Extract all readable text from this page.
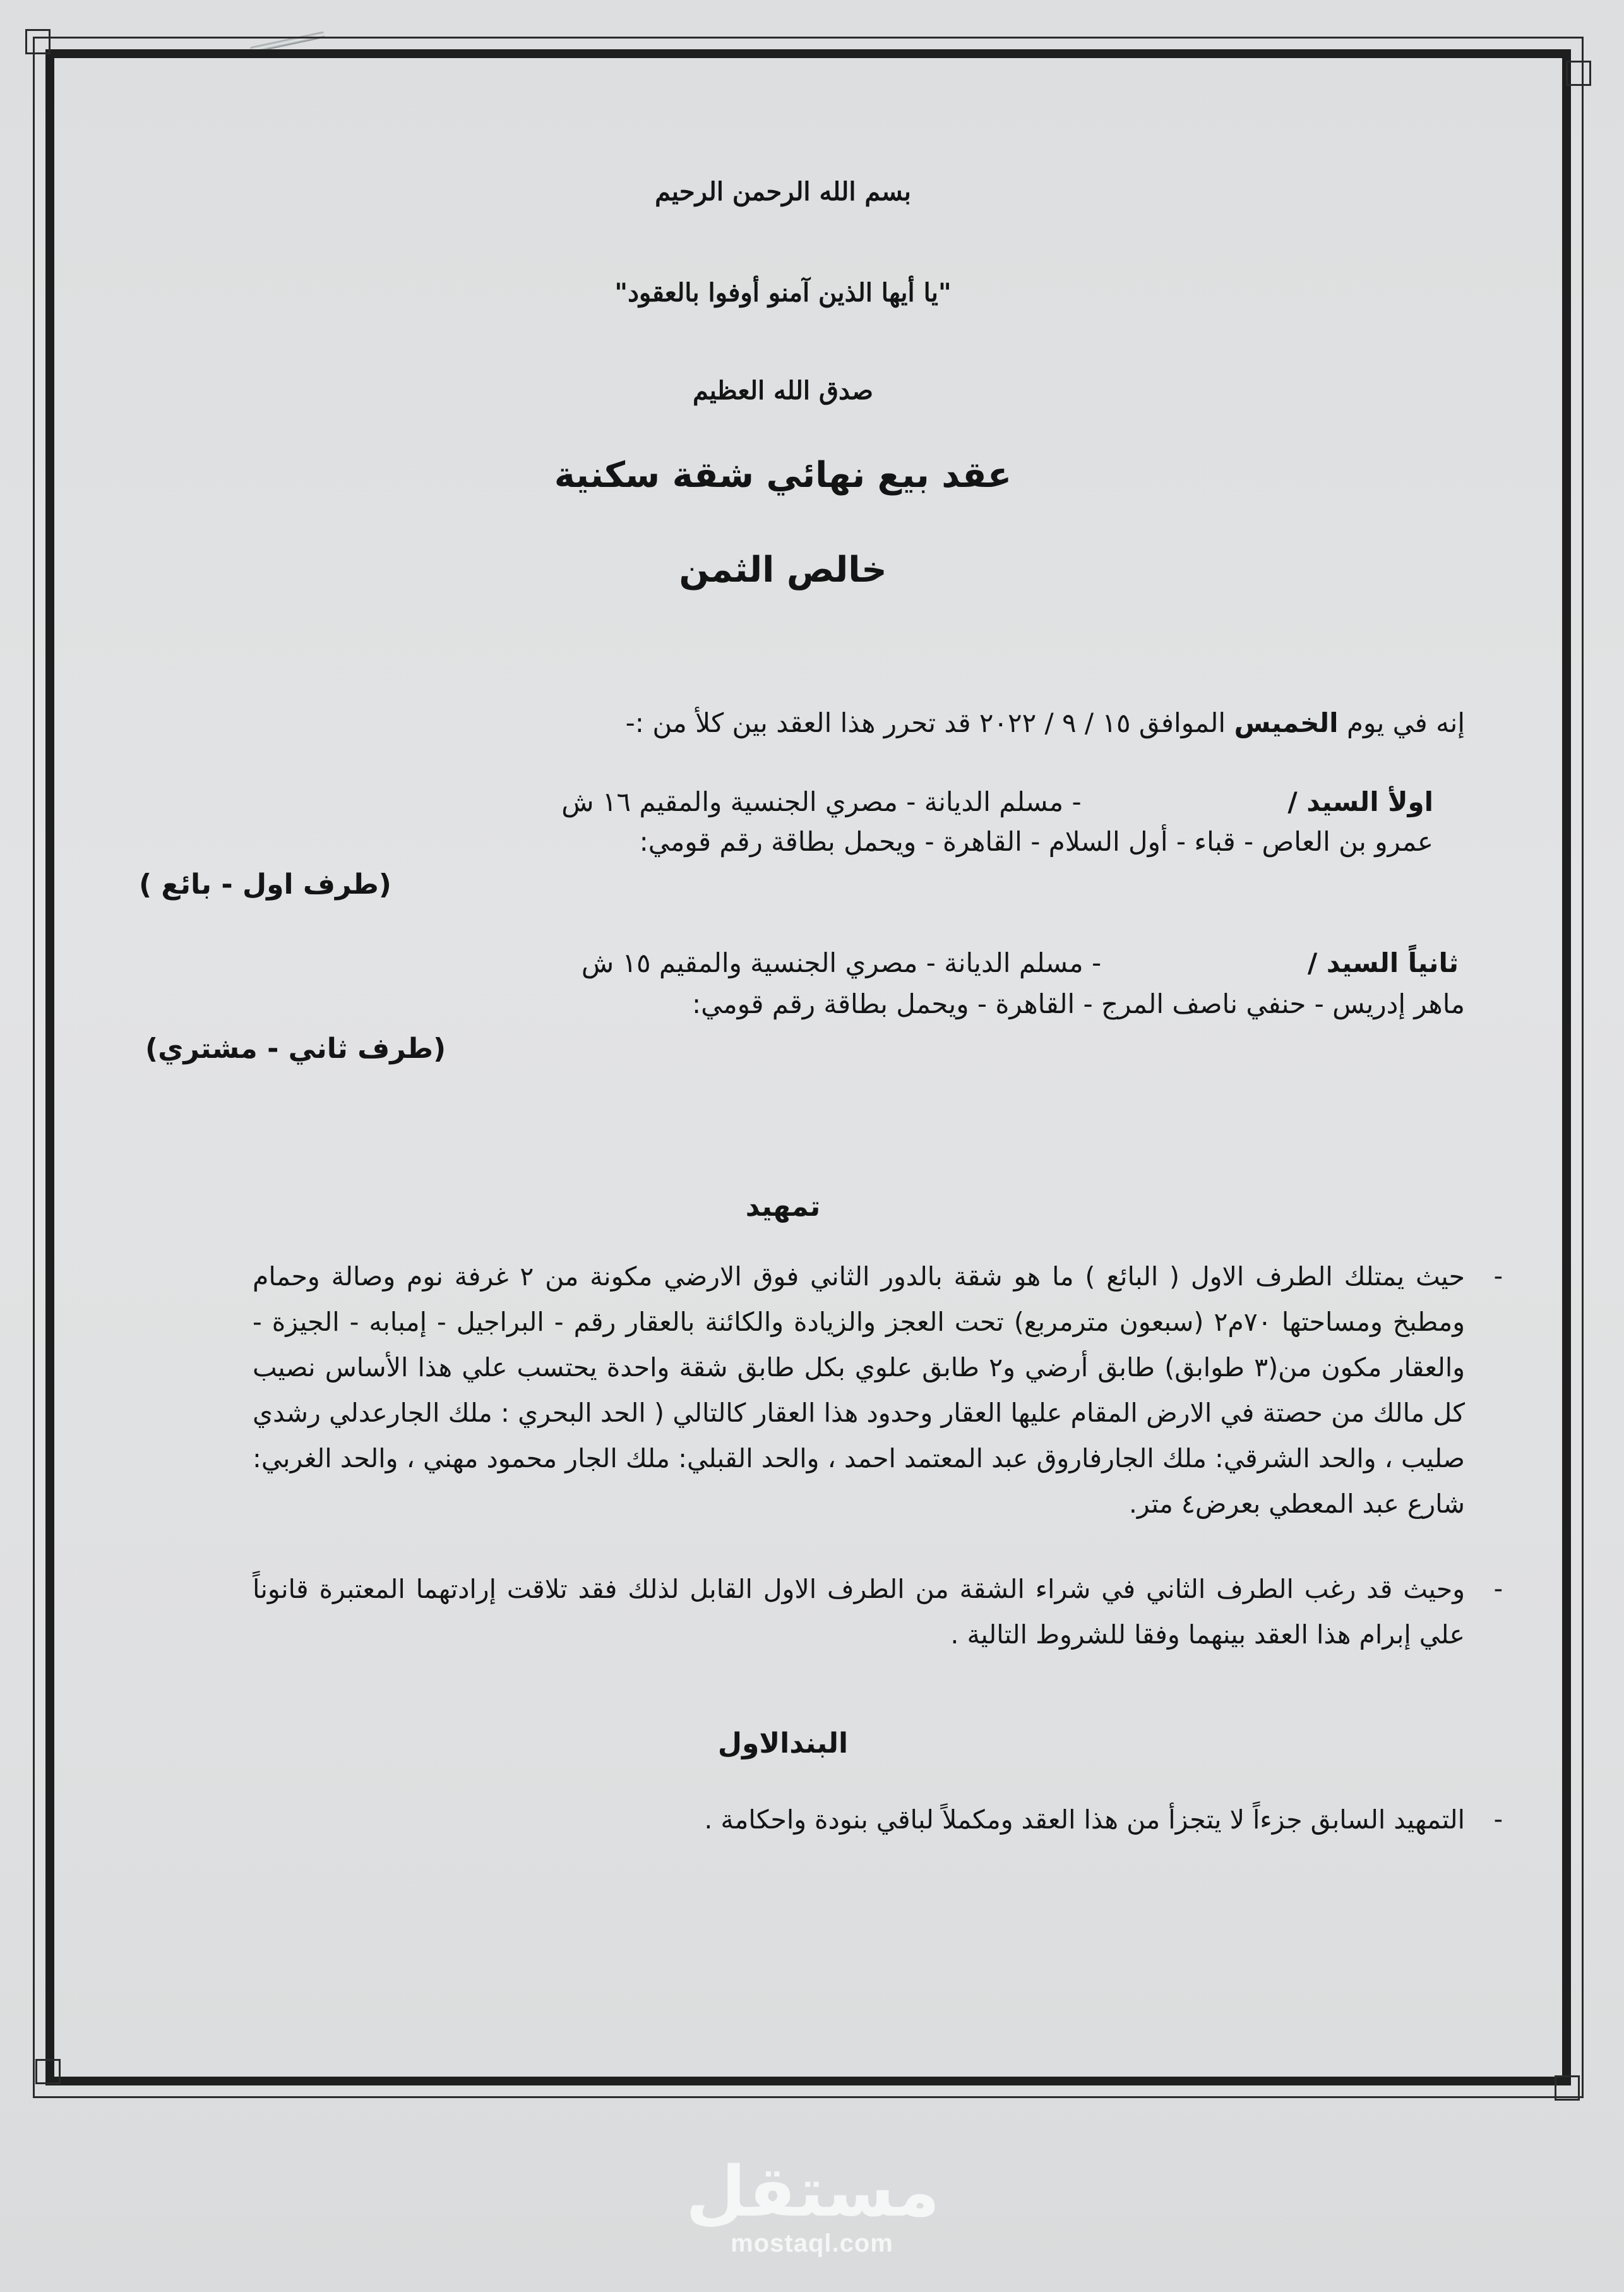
بسم الله الرحمن الرحيم
"يا أيها الذين آمنو أوفوا بالعقود"
صدق الله العظيم
عقد بيع نهائي شقة سكنية
خالص الثمن
إنه في يوم الخميس الموافق ١٥ / ٩ / ٢٠٢٢ قد تحرر هذا العقد بين كلأ من :-
اولأ السيد /  - مسلم الديانة - مصري الجنسية والمقيم ١٦ ش
عمرو بن العاص - قباء - أول السلام - القاهرة - ويحمل بطاقة رقم قومي:
(طرف اول - بائع )
ثانياً السيد /  - مسلم الديانة - مصري الجنسية والمقيم ١٥ ش
ماهر إدريس - حنفي ناصف المرج - القاهرة - ويحمل بطاقة رقم قومي:
(طرف ثاني - مشتري)
تمهيد
-
حيث يمتلك الطرف الاول ( البائع ) ما هو شقة بالدور الثاني فوق الارضي مكونة من ٢ غرفة نوم وصالة وحمام ومطبخ ومساحتها ٧٠م٢ (سبعون مترمربع) تحت العجز والزيادة والكائنة بالعقار رقم - البراجيل - إمبابه - الجيزة - والعقار مكون من(٣ طوابق) طابق أرضي و٢ طابق علوي بكل طابق شقة واحدة يحتسب علي هذا الأساس نصيب كل مالك من حصتة في الارض المقام عليها العقار وحدود هذا العقار كالتالي ( الحد البحري : ملك الجارعدلي رشدي صليب ، والحد الشرقي: ملك الجارفاروق عبد المعتمد احمد ، والحد القبلي: ملك الجار محمود مهني ، والحد الغربي: شارع عبد المعطي بعرض٤ متر.
-
وحيث قد رغب الطرف الثاني في شراء الشقة من الطرف الاول القابل لذلك فقد تلاقت إرادتهما المعتبرة قانوناً علي إبرام هذا العقد بينهما وفقا للشروط التالية .
البندالاول
-
التمهيد السابق جزءاً لا يتجزأ من هذا العقد ومكملاً لباقي بنودة واحكامة .
مستقل
mostaql.com
